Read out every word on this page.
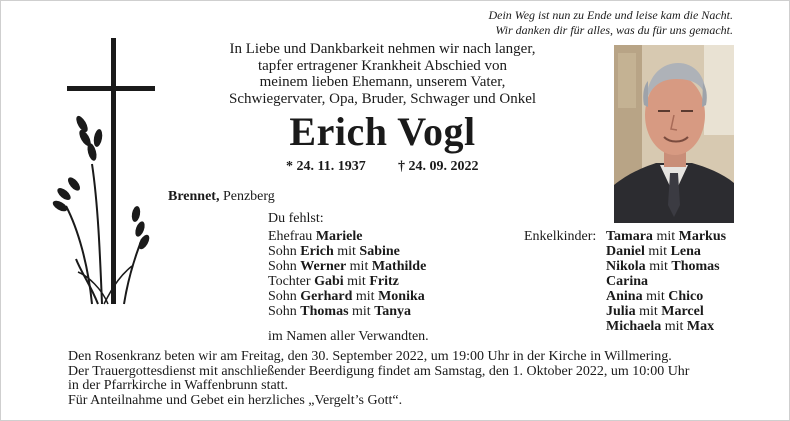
Dein Weg ist nun zu Ende und leise kam die Nacht.
Wir danken dir für alles, was du für uns gemacht.
In Liebe und Dankbarkeit nehmen wir nach langer,
tapfer ertragener Krankheit Abschied von
meinem lieben Ehemann, unserem Vater,
Schwiegervater, Opa, Bruder, Schwager und Onkel
Erich Vogl
* 24. 11. 1937 † 24. 09. 2022
Brennet, Penzberg
Du fehlst:
Ehefrau Mariele
Sohn Erich mit Sabine
Sohn Werner mit Mathilde
Tochter Gabi mit Fritz
Sohn Gerhard mit Monika
Sohn Thomas mit Tanya
Enkelkinder: Tamara mit Markus
Daniel mit Lena
Nikola mit Thomas
Carina
Anina mit Chico
Julia mit Marcel
Michaela mit Max
im Namen aller Verwandten.
Den Rosenkranz beten wir am Freitag, den 30. September 2022, um 19:00 Uhr in der Kirche in Willmering.
Der Trauergottesdienst mit anschließender Beerdigung findet am Samstag, den 1. Oktober 2022, um 10:00 Uhr
in der Pfarrkirche in Waffenbrunn statt.
Für Anteilnahme und Gebet ein herzliches „Vergelt’s Gott“.
